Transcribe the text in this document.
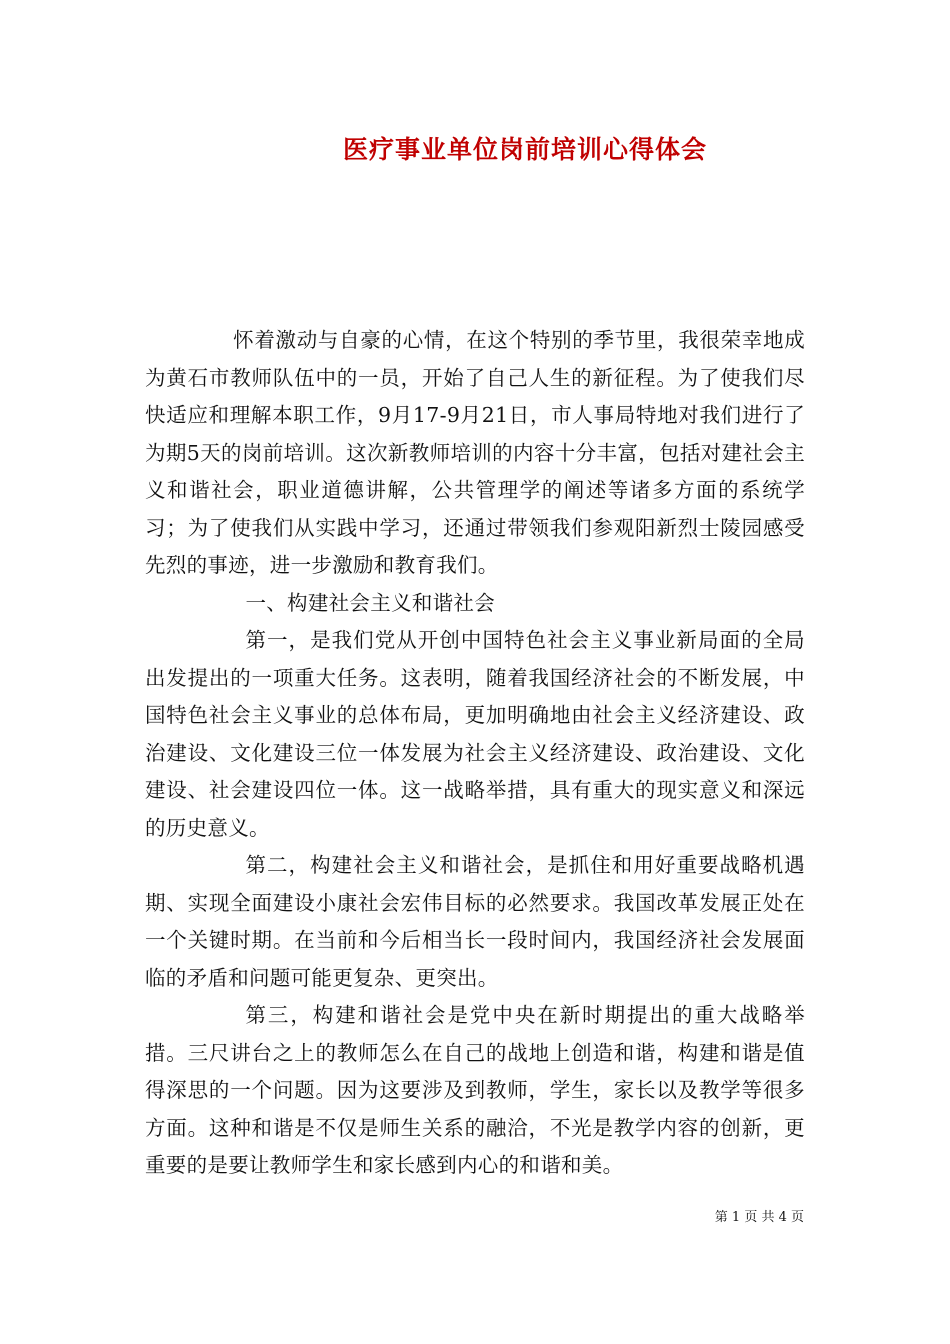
医疗事业单位岗前培训心得体会

怀着激动与自豪的心情，在这个特别的季节里，我很荣幸地成为黄石市教师队伍中的一员，开始了自己人生的新征程。为了使我们尽快适应和理解本职工作，9月17-9月21日，市人事局特地对我们进行了为期5天的岗前培训。这次新教师培训的内容十分丰富，包括对建社会主义和谐社会，职业道德讲解，公共管理学的阐述等诸多方面的系统学习；为了使我们从实践中学习，还通过带领我们参观阳新烈士陵园感受先烈的事迹，进一步激励和教育我们。

一、构建社会主义和谐社会

第一，是我们党从开创中国特色社会主义事业新局面的全局出发提出的一项重大任务。这表明，随着我国经济社会的不断发展，中国特色社会主义事业的总体布局，更加明确地由社会主义经济建设、政治建设、文化建设三位一体发展为社会主义经济建设、政治建设、文化建设、社会建设四位一体。这一战略举措，具有重大的现实意义和深远的历史意义。

第二，构建社会主义和谐社会，是抓住和用好重要战略机遇期、实现全面建设小康社会宏伟目标的必然要求。我国改革发展正处在一个关键时期。在当前和今后相当长一段时间内，我国经济社会发展面临的矛盾和问题可能更复杂、更突出。

第三，构建和谐社会是党中央在新时期提出的重大战略举措。三尺讲台之上的教师怎么在自己的战地上创造和谐，构建和谐是值得深思的一个问题。因为这要涉及到教师，学生，家长以及教学等很多方面。这种和谐是不仅是师生关系的融洽，不光是教学内容的创新，更重要的是要让教师学生和家长感到内心的和谐和美。

第 1 页 共 4 页
